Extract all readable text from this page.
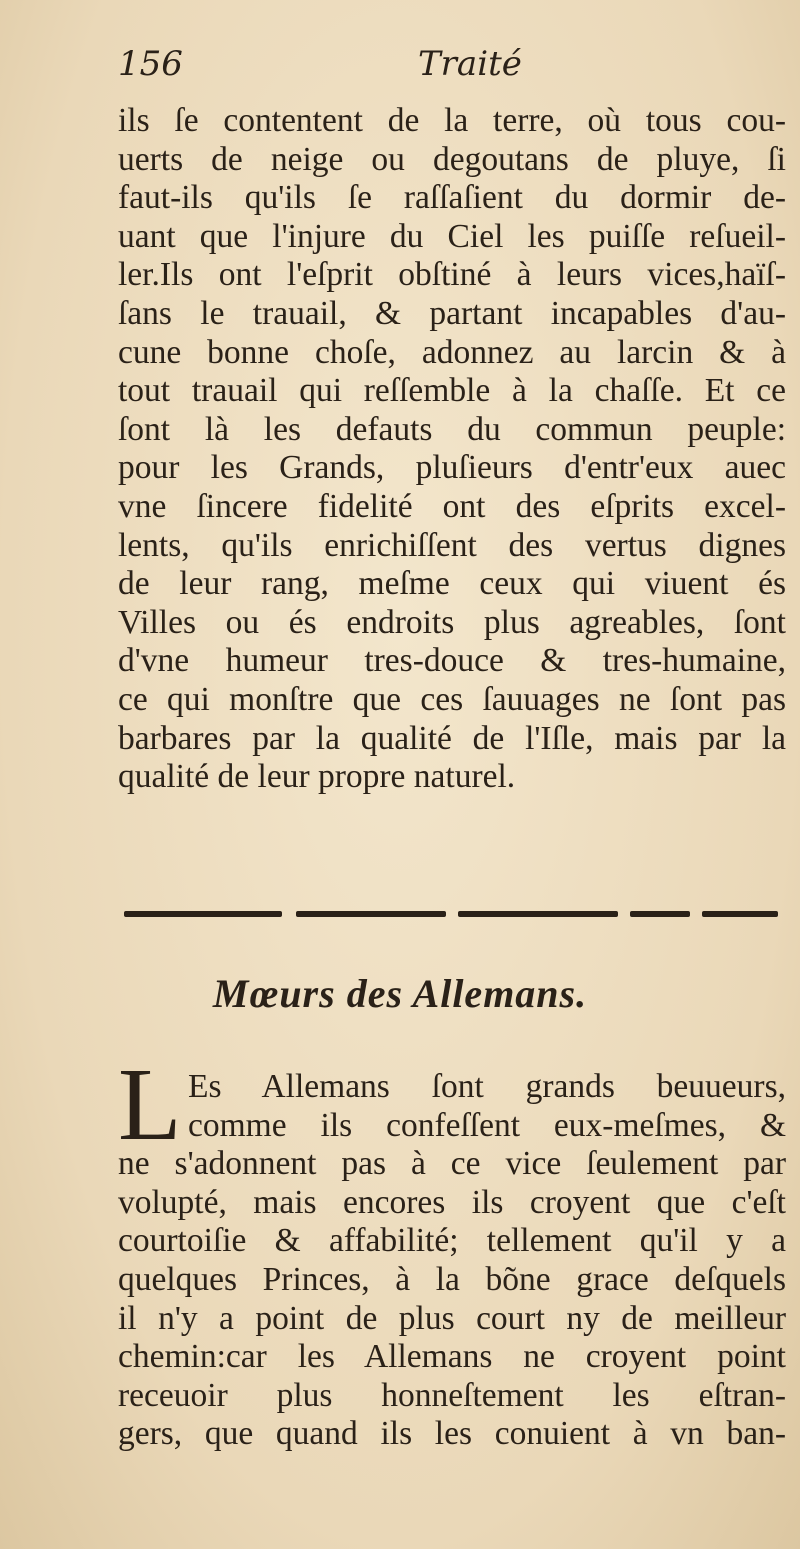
156	Traité
ils ſe contentent de la terre, où tous cou-
uerts de neige ou degoutans de pluye, ſi
faut-ils qu'ils ſe raſſaſient du dormir de-
uant que l'injure du Ciel les puiſſe reſueil-
ler.Ils ont l'eſprit obſtiné à leurs vices,haïſ-
ſans le trauail, & partant incapables d'au-
cune bonne choſe, adonnez au larcin & à
tout trauail qui reſſemble à la chaſſe. Et ce
ſont là les defauts du commun peuple:
pour les Grands, pluſieurs d'entr'eux auec
vne ſincere fidelité ont des eſprits excel-
lents, qu'ils enrichiſſent des vertus dignes
de leur rang, meſme ceux qui viuent és
Villes ou és endroits plus agreables, ſont
d'vne humeur tres-douce & tres-humaine,
ce qui monſtre que ces ſauuages ne ſont pas
barbares par la qualité de l'Iſle, mais par la
qualité de leur propre naturel.
Mœurs des Allemans.
L Es Allemans ſont grands beuueurs,
comme ils confeſſent eux-meſmes, &
ne s'adonnent pas à ce vice ſeulement par
volupté, mais encores ils croyent que c'eſt
courtoiſie & affabilité; tellement qu'il y a
quelques Princes, à la bõne grace deſquels
il n'y a point de plus court ny de meilleur
chemin:car les Allemans ne croyent point
receuoir plus honneſtement les eſtran-
gers, que quand ils les conuient à vn ban-
